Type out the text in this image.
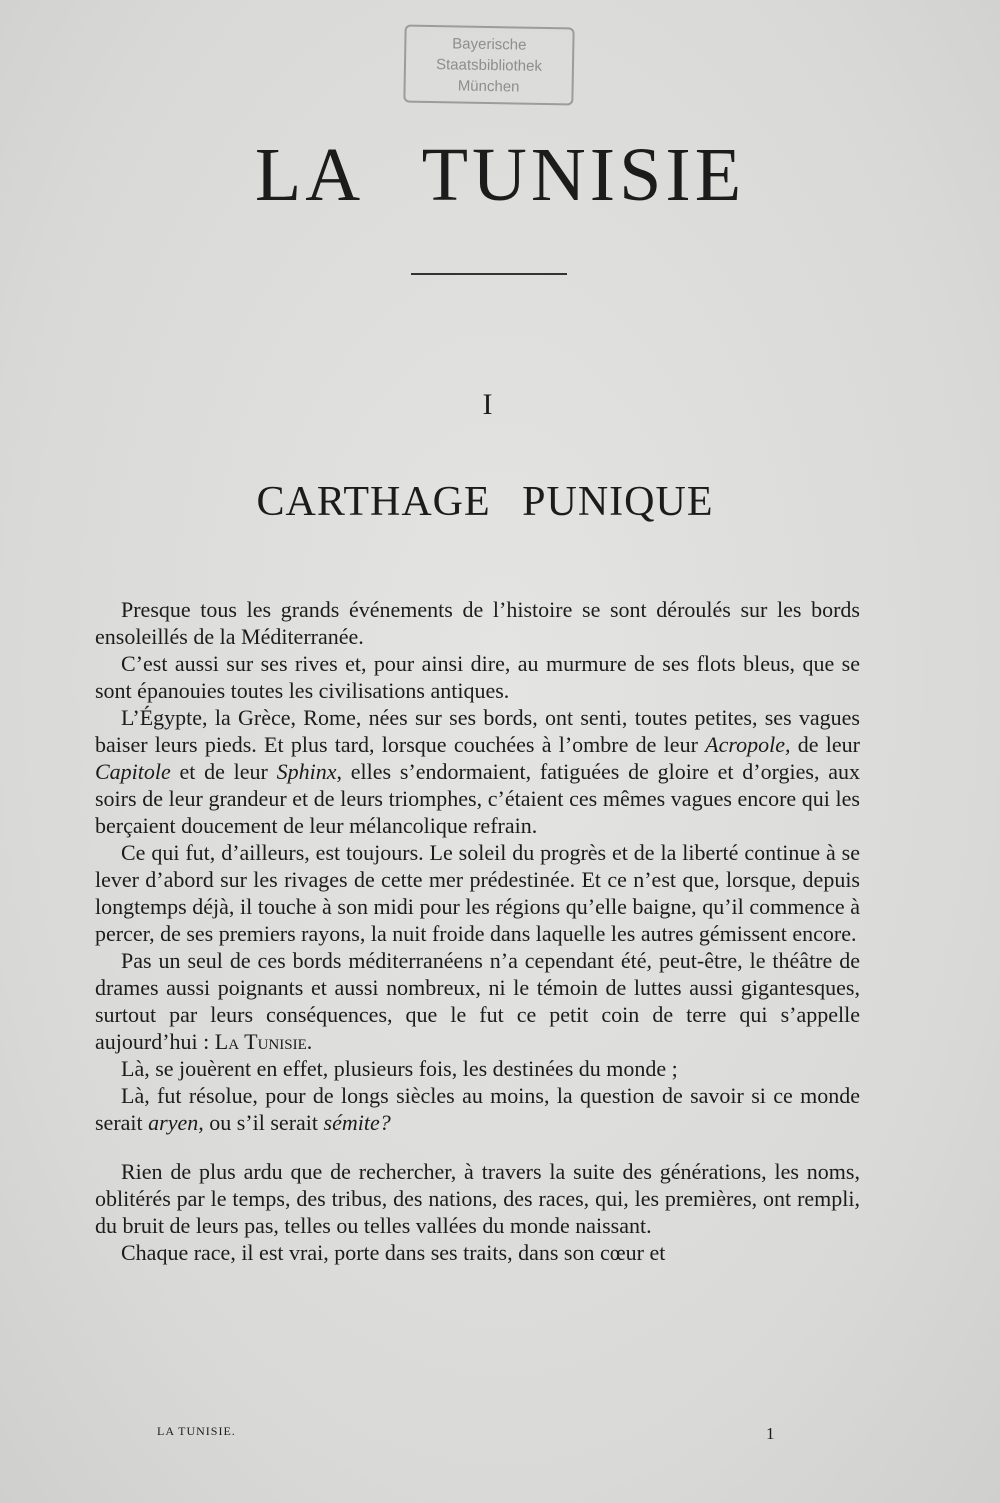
Bayerische
Staatsbibliothek
München
LA TUNISIE
I
CARTHAGE PUNIQUE

Presque tous les grands événements de l’histoire se sont déroulés sur les bords ensoleillés de la Méditerranée.

C’est aussi sur ses rives et, pour ainsi dire, au murmure de ses flots bleus, que se sont épanouies toutes les civilisations antiques.

L’Égypte, la Grèce, Rome, nées sur ses bords, ont senti, toutes petites, ses vagues baiser leurs pieds. Et plus tard, lorsque couchées à l’ombre de leur Acropole, de leur Capitole et de leur Sphinx, elles s’endormaient, fatiguées de gloire et d’orgies, aux soirs de leur grandeur et de leurs triomphes, c’étaient ces mêmes vagues encore qui les berçaient doucement de leur mélancolique refrain.

Ce qui fut, d’ailleurs, est toujours. Le soleil du progrès et de la liberté continue à se lever d’abord sur les rivages de cette mer prédestinée. Et ce n’est que, lorsque, depuis longtemps déjà, il touche à son midi pour les régions qu’elle baigne, qu’il commence à percer, de ses premiers rayons, la nuit froide dans laquelle les autres gémissent encore.

Pas un seul de ces bords méditerranéens n’a cependant été, peut-être, le théâtre de drames aussi poignants et aussi nombreux, ni le témoin de luttes aussi gigantesques, surtout par leurs conséquences, que le fut ce petit coin de terre qui s’appelle aujourd’hui : La Tunisie.

Là, se jouèrent en effet, plusieurs fois, les destinées du monde ;

Là, fut résolue, pour de longs siècles au moins, la question de savoir si ce monde serait aryen, ou s’il serait sémite?

Rien de plus ardu que de rechercher, à travers la suite des générations, les noms, oblitérés par le temps, des tribus, des nations, des races, qui, les premières, ont rempli, du bruit de leurs pas, telles ou telles vallées du monde naissant.

Chaque race, il est vrai, porte dans ses traits, dans son cœur et

LA TUNISIE.	1
